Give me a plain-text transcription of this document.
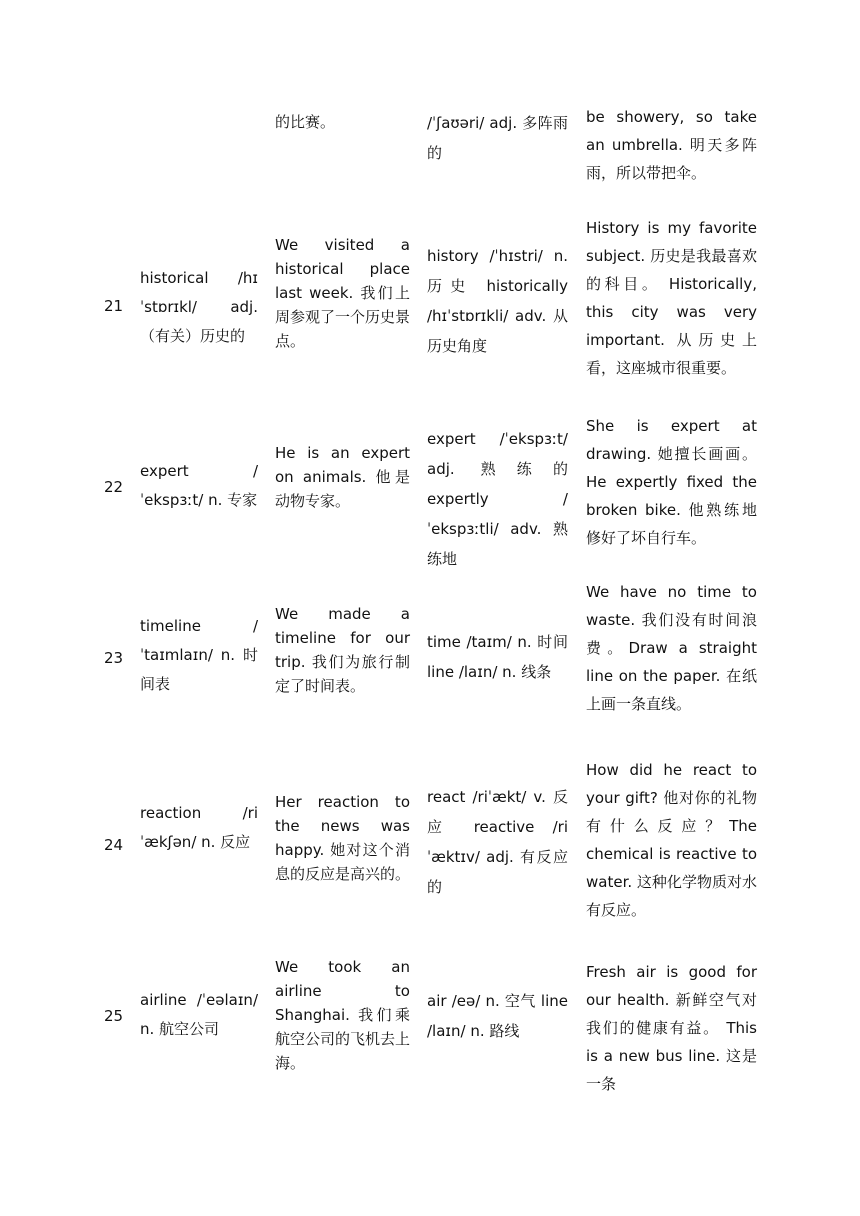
的比赛。	/ˈʃaʊəri/ adj. 多阵雨的
be showery, so take an umbrella. 明天多阵雨，所以带把伞。
21
historical /hɪˈstɒrɪkl/ adj. （有关）历史的
We visited a historical place last week. 我们上周参观了一个历史景点。
history /ˈhɪstri/ n. 历史 historically /hɪˈstɒrɪkli/ adv. 从历史角度
History is my favorite subject. 历史是我最喜欢的科目。 Historically, this city was very important. 从历史上看，这座城市很重要。
22
expert /ˈekspɜːt/ n. 专家
He is an expert on animals. 他是动物专家。
expert /ˈekspɜːt/ adj. 熟练的 expertly /ˈekspɜːtli/ adv. 熟练地
She is expert at drawing. 她擅长画画。 He expertly fixed the broken bike. 他熟练地修好了坏自行车。
23
timeline /ˈtaɪmlaɪn/ n. 时间表
We made a timeline for our trip. 我们为旅行制定了时间表。
time /taɪm/ n. 时间 line /laɪn/ n. 线条
We have no time to waste. 我们没有时间浪费。Draw a straight line on the paper. 在纸上画一条直线。
24
reaction /riˈækʃən/ n. 反应
Her reaction to the news was happy. 她对这个消息的反应是高兴的。
react /riˈækt/ v. 反应 reactive /riˈæktɪv/ adj. 有反应的
How did he react to your gift? 他对你的礼物有什么反应？The chemical is reactive to water. 这种化学物质对水有反应。
25
airline /ˈeəlaɪn/ n. 航空公司
We took an airline to Shanghai. 我们乘航空公司的飞机去上海。
air /eə/ n. 空气 line /laɪn/ n. 路线
Fresh air is good for our health. 新鲜空气对我们的健康有益。 This is a new bus line. 这是一条
